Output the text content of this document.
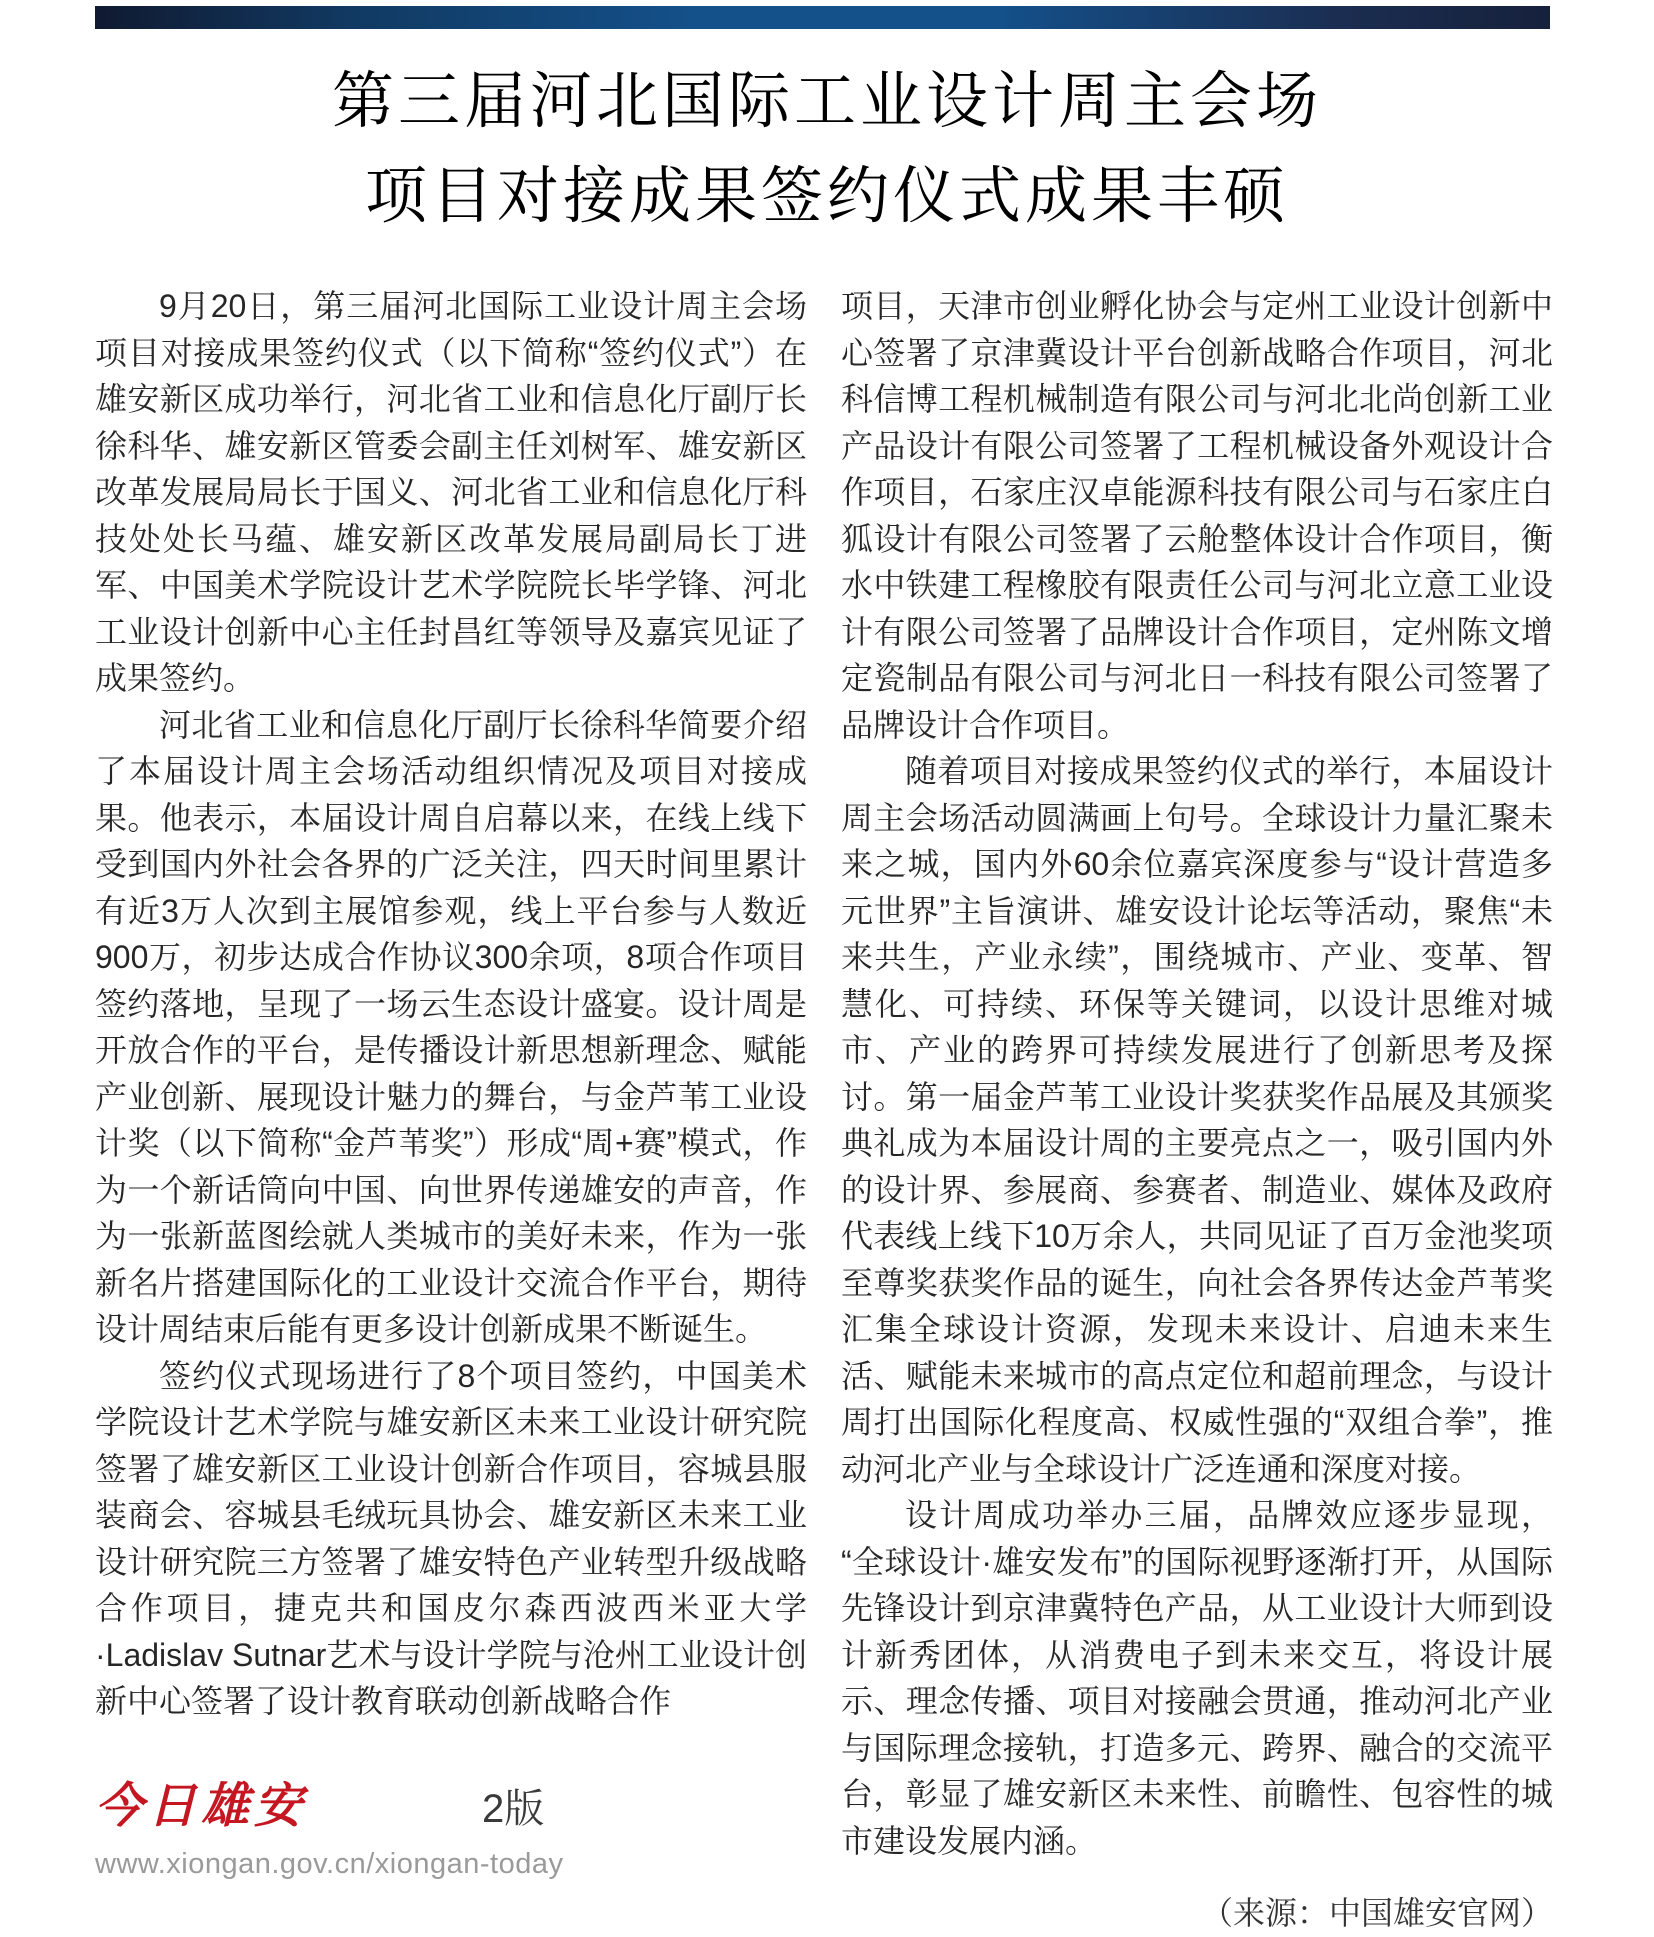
第三届河北国际工业设计周主会场
项目对接成果签约仪式成果丰硕

9月20日，第三届河北国际工业设计周主会场项目对接成果签约仪式（以下简称“签约仪式”）在雄安新区成功举行，河北省工业和信息化厅副厅长徐科华、雄安新区管委会副主任刘树军、雄安新区改革发展局局长于国义、河北省工业和信息化厅科技处处长马蕴、雄安新区改革发展局副局长丁进军、中国美术学院设计艺术学院院长毕学锋、河北工业设计创新中心主任封昌红等领导及嘉宾见证了成果签约。

河北省工业和信息化厅副厅长徐科华简要介绍了本届设计周主会场活动组织情况及项目对接成果。他表示，本届设计周自启幕以来，在线上线下受到国内外社会各界的广泛关注，四天时间里累计有近3万人次到主展馆参观，线上平台参与人数近900万，初步达成合作协议300余项，8项合作项目签约落地，呈现了一场云生态设计盛宴。设计周是开放合作的平台，是传播设计新思想新理念、赋能产业创新、展现设计魅力的舞台，与金芦苇工业设计奖（以下简称“金芦苇奖”）形成“周+赛”模式，作为一个新话筒向中国、向世界传递雄安的声音，作为一张新蓝图绘就人类城市的美好未来，作为一张新名片搭建国际化的工业设计交流合作平台，期待设计周结束后能有更多设计创新成果不断诞生。

签约仪式现场进行了8个项目签约，中国美术学院设计艺术学院与雄安新区未来工业设计研究院签署了雄安新区工业设计创新合作项目，容城县服装商会、容城县毛绒玩具协会、雄安新区未来工业设计研究院三方签署了雄安特色产业转型升级战略合作项目，捷克共和国皮尔森西波西米亚大学·Ladislav Sutnar艺术与设计学院与沧州工业设计创新中心签署了设计教育联动创新战略合作

今日雄安	2版
www.xiongan.gov.cn/xiongan-today

项目，天津市创业孵化协会与定州工业设计创新中心签署了京津冀设计平台创新战略合作项目，河北科信博工程机械制造有限公司与河北北尚创新工业产品设计有限公司签署了工程机械设备外观设计合作项目，石家庄汉卓能源科技有限公司与石家庄白狐设计有限公司签署了云舱整体设计合作项目，衡水中铁建工程橡胶有限责任公司与河北立意工业设计有限公司签署了品牌设计合作项目，定州陈文增定瓷制品有限公司与河北日一科技有限公司签署了品牌设计合作项目。

随着项目对接成果签约仪式的举行，本届设计周主会场活动圆满画上句号。全球设计力量汇聚未来之城，国内外60余位嘉宾深度参与“设计营造多元世界”主旨演讲、雄安设计论坛等活动，聚焦“未来共生，产业永续”，围绕城市、产业、变革、智慧化、可持续、环保等关键词，以设计思维对城市、产业的跨界可持续发展进行了创新思考及探讨。第一届金芦苇工业设计奖获奖作品展及其颁奖典礼成为本届设计周的主要亮点之一，吸引国内外的设计界、参展商、参赛者、制造业、媒体及政府代表线上线下10万余人，共同见证了百万金池奖项至尊奖获奖作品的诞生，向社会各界传达金芦苇奖汇集全球设计资源，发现未来设计、启迪未来生活、赋能未来城市的高点定位和超前理念，与设计周打出国际化程度高、权威性强的“双组合拳”，推动河北产业与全球设计广泛连通和深度对接。

设计周成功举办三届，品牌效应逐步显现，“全球设计·雄安发布”的国际视野逐渐打开，从国际先锋设计到京津冀特色产品，从工业设计大师到设计新秀团体，从消费电子到未来交互，将设计展示、理念传播、项目对接融会贯通，推动河北产业与国际理念接轨，打造多元、跨界、融合的交流平台，彰显了雄安新区未来性、前瞻性、包容性的城市建设发展内涵。

（来源：中国雄安官网）
